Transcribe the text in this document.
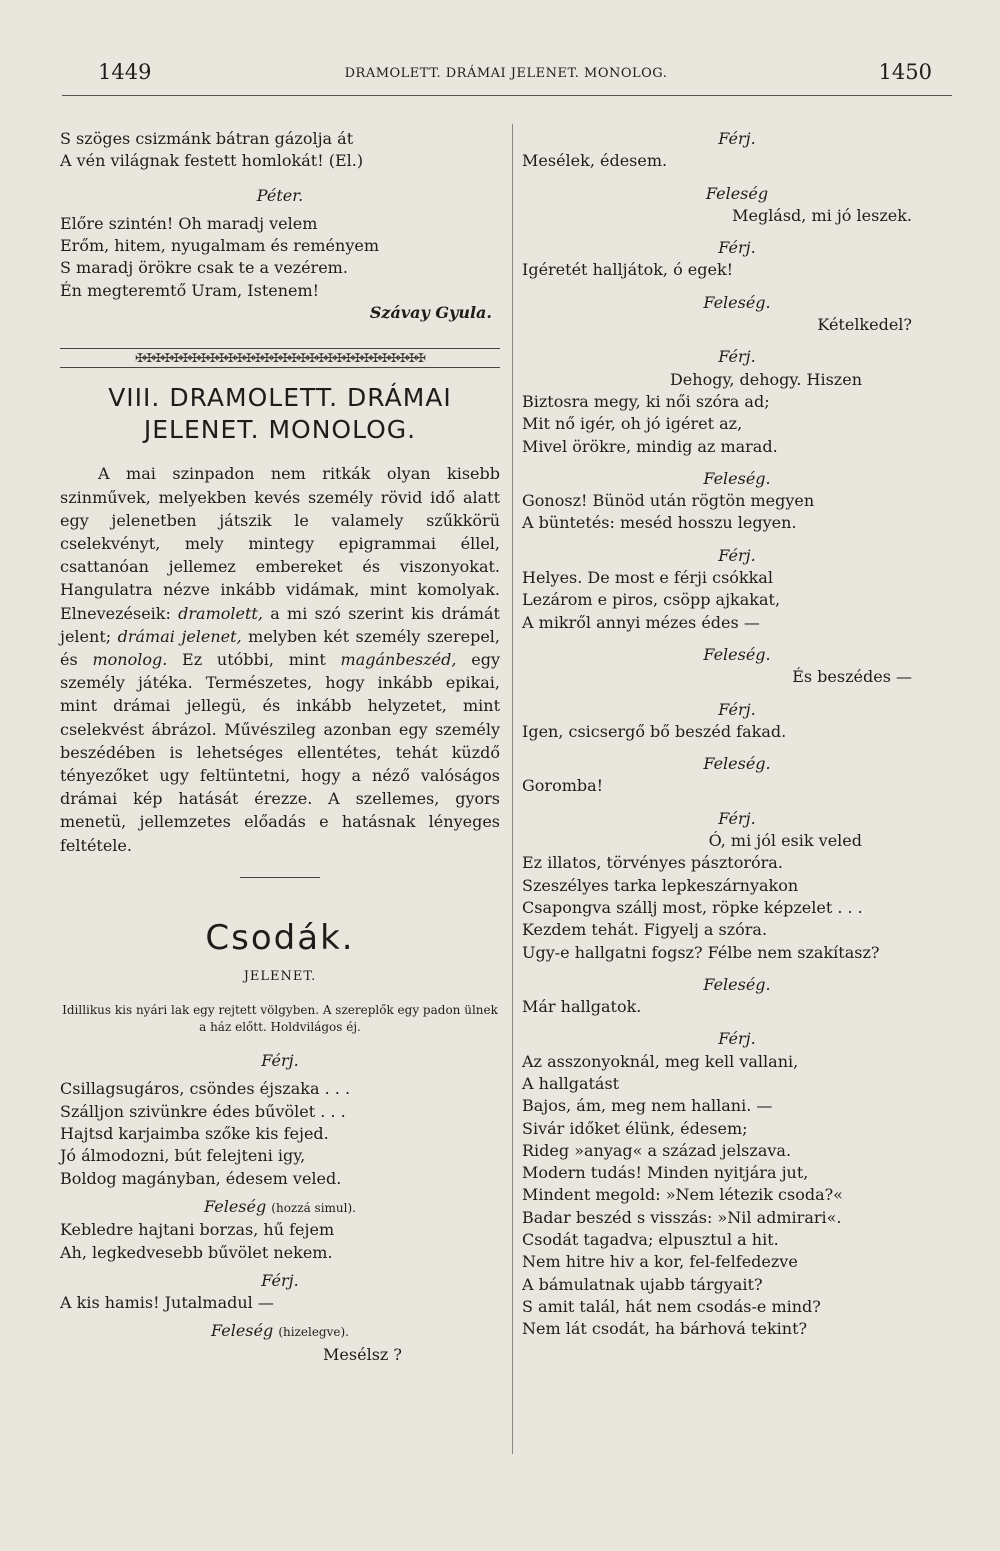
1449	DRAMOLETT. DRÁMAI JELENET. MONOLOG.	1450
S szöges csizmánk bátran gázolja át
A vén világnak festett homlokát! (El.)
Péter.
Előre szintén! Oh maradj velem
Erőm, hitem, nyugalmam és reményem
S maradj örökre csak te a vezérem.
Én megteremtő Uram, Istenem!
Szávay Gyula.
✠✠✠✠✠✠✠✠✠✠✠✠✠✠✠✠✠✠✠✠✠✠✠✠✠✠✠✠✠✠✠✠
VIII. DRAMOLETT. DRÁMAI JELENET. MONOLOG.
A mai szinpadon nem ritkák olyan kisebb szinművek, melyekben kevés személy rövid idő alatt egy jelenetben játszik le valamely szűkkörü cselekvényt, mely mintegy epigrammai éllel, csattanóan jellemez embereket és viszonyokat. Hangulatra nézve inkább vidámak, mint komolyak. Elnevezéseik: dramolett, a mi szó szerint kis drámát jelent; drámai jelenet, melyben két személy szerepel, és monolog. Ez utóbbi, mint magánbeszéd, egy személy játéka. Természetes, hogy inkább epikai, mint drámai jellegü, és inkább helyzetet, mint cselekvést ábrázol. Művészileg azonban egy személy beszédében is lehetséges ellentétes, tehát küzdő tényezőket ugy feltüntetni, hogy a néző valóságos drámai kép hatását érezze. A szellemes, gyors menetü, jellemzetes előadás e hatásnak lényeges feltétele.
Csodák.
JELENET.
Idillikus kis nyári lak egy rejtett völgyben. A szereplők egy padon ülnek a ház előtt. Holdvilágos éj.
Férj.
Csillagsugáros, csöndes éjszaka . . .
Szálljon szivünkre édes bűvölet . . .
Hajtsd karjaimba szőke kis fejed.
Jó álmodozni, bút felejteni igy,
Boldog magányban, édesem veled.
Feleség (hozzá simul).
Kebledre hajtani borzas, hű fejem
Ah, legkedvesebb bűvölet nekem.
Férj.
A kis hamis! Jutalmadul —
Feleség (hizelegve).
Mesélsz ?
Férj.
Mesélek, édesem.
Feleség
Meglásd, mi jó leszek.
Férj.
Igéretét halljátok, ó egek!
Feleség.
Kételkedel?
Férj.
Dehogy, dehogy. Hiszen
Biztosra megy, ki női szóra ad;
Mit nő igér, oh jó igéret az,
Mivel örökre, mindig az marad.
Feleség.
Gonosz! Bünöd után rögtön megyen
A büntetés: meséd hosszu legyen.
Férj.
Helyes. De most e férji csókkal
Lezárom e piros, csöpp ajkakat,
A mikről annyi mézes édes —
Feleség.
És beszédes —
Férj.
Igen, csicsergő bő beszéd fakad.
Feleség.
Goromba!
Férj.
Ó, mi jól esik veled
Ez illatos, törvényes pásztoróra.
Szeszélyes tarka lepkeszárnyakon
Csapongva szállj most, röpke képzelet . . .
Kezdem tehát. Figyelj a szóra.
Ugy-e hallgatni fogsz? Félbe nem szakítasz?
Feleség.
Már hallgatok.
Férj.
Az asszonyoknál, meg kell vallani,
A hallgatást
Bajos, ám, meg nem hallani. —
Sivár időket élünk, édesem;
Rideg »anyag« a század jelszava.
Modern tudás! Minden nyitjára jut,
Mindent megold: »Nem létezik csoda?«
Badar beszéd s visszás: »Nil admirari«.
Csodát tagadva; elpusztul a hit.
Nem hitre hiv a kor, fel-felfedezve
A bámulatnak ujabb tárgyait?
S amit talál, hát nem csodás-e mind?
Nem lát csodát, ha bárhová tekint?
